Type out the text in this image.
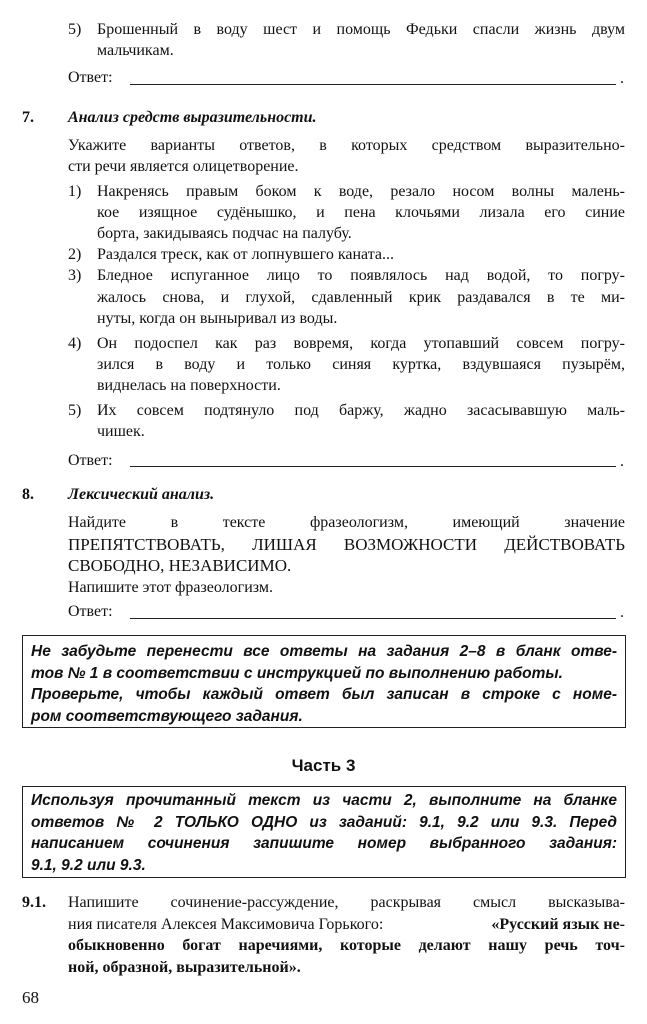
5) Брошенный в воду шест и помощь Федьки спасли жизнь двум
мальчикам.
Ответ:	.
7. Анализ средств выразительности.
Укажите варианты ответов, в которых средством выразительно-
сти речи является олицетворение.
1) Накренясь правым боком к воде, резало носом волны малень-
кое изящное судёнышко, и пена клочьями лизала его синие
борта, закидываясь подчас на палубу.
2) Раздался треск, как от лопнувшего каната...
3) Бледное испуганное лицо то появлялось над водой, то погру-
жалось снова, и глухой, сдавленный крик раздавался в те ми-
нуты, когда он выныривал из воды.
4) Он подоспел как раз вовремя, когда утопавший совсем погру-
зился в воду и только синяя куртка, вздувшаяся пузырём,
виднелась на поверхности.
5) Их совсем подтянуло под баржу, жадно засасывавшую маль-
чишек.
Ответ:	.
8. Лексический анализ.
Найдите в тексте фразеологизм, имеющий значение
ПРЕПЯТСТВОВАТЬ, ЛИШАЯ ВОЗМОЖНОСТИ ДЕЙСТВОВАТЬ
СВОБОДНО, НЕЗАВИСИМО.
Напишите этот фразеологизм.
Ответ:	.
Не забудьте перенести все ответы на задания 2–8 в бланк отве-
тов № 1 в соответствии с инструкцией по выполнению работы.
Проверьте, чтобы каждый ответ был записан в строке с номе-
ром соответствующего задания.
Часть 3
Используя прочитанный текст из части 2, выполните на бланке
ответов № 2 ТОЛЬКО ОДНО из заданий: 9.1, 9.2 или 9.3. Перед
написанием сочинения запишите номер выбранного задания:
9.1, 9.2 или 9.3.
9.1. Напишите сочинение-рассуждение, раскрывая смысл высказыва-
ния писателя Алексея Максимовича Горького:	«Русский язык не-
обыкновенно богат наречиями, которые делают нашу речь точ-
ной, образной, выразительной».
68
